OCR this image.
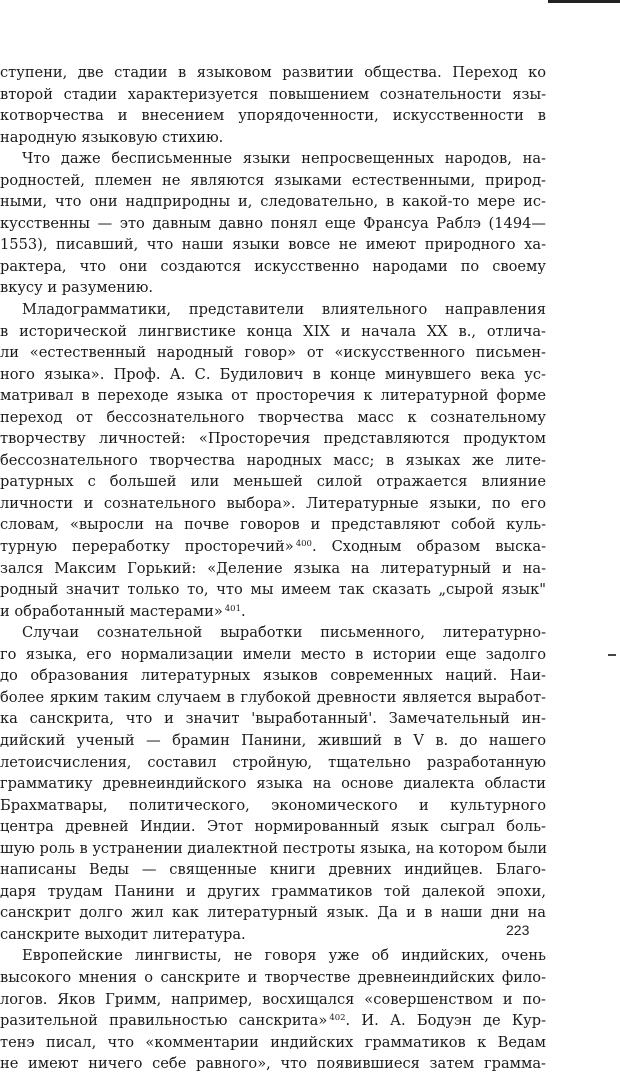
ступени, две стадии в языковом развитии общества. Переход ко
второй стадии характеризуется повышением сознательности язы-
котворчества и внесением упорядоченности, искусственности в
народную языковую стихию.
Что даже бесписьменные языки непросвещенных народов, на-
родностей, племен не являются языками естественными, природ-
ными, что они надприродны и, следовательно, в какой-то мере ис-
кусственны — это давным давно понял еще Франсуа Раблэ (1494—
1553), писавший, что наши языки вовсе не имеют природного ха-
рактера, что они создаются искусственно народами по своему
вкусу и разумению.
Младограмматики, представители влиятельного направления
в исторической лингвистике конца XIX и начала XX в., отлича-
ли «естественный народный говор» от «искусственного письмен-
ного языка». Проф. А. С. Будилович в конце минувшего века ус-
матривал в переходе языка от просторечия к литературной форме
переход от бессознательного творчества масс к сознательному
творчеству личностей: «Просторечия представляются продуктом
бессознательного творчества народных масс; в языках же лите-
ратурных с большей или меньшей силой отражается влияние
личности и сознательного выбора». Литературные языки, по его
словам, «выросли на почве говоров и представляют собой куль-
турную переработку просторечий» $^{400}$. Сходным образом выска-
зался Максим Горький: «Деление языка на литературный и на-
родный значит только то, что мы имеем так сказать „сырой язык"
и обработанный мастерами» $^{401}$.
Случаи сознательной выработки письменного, литературно-
го языка, его нормализации имели место в истории еще задолго
до образования литературных языков современных наций. Наи-
более ярким таким случаем в глубокой древности является выработ-
ка санскрита, что и значит 'выработанный'. Замечательный ин-
дийский ученый — брамин Панини, живший в V в. до нашего
летоисчисления, составил стройную, тщательно разработанную
грамматику древнеиндийского языка на основе диалекта области
Брахматвары, политического, экономического и культурного
центра древней Индии. Этот нормированный язык сыграл боль-
шую роль в устранении диалектной пестроты языка, на котором были
написаны Веды — священные книги древних индийцев. Благо-
даря трудам Панини и других грамматиков той далекой эпохи,
санскрит долго жил как литературный язык. Да и в наши дни на
санскрите выходит литература.
Европейские лингвисты, не говоря уже об индийских, очень
высокого мнения о санскрите и творчестве древнеиндийских фило-
логов. Яков Гримм, например, восхищался «совершенством и по-
разительной правильностью санскрита» $^{402}$. И. А. Бодуэн де Кур-
тенэ писал, что «комментарии индийских грамматиков к Ведам
не имеют ничего себе равного», что появившиеся затем грамма-
223
